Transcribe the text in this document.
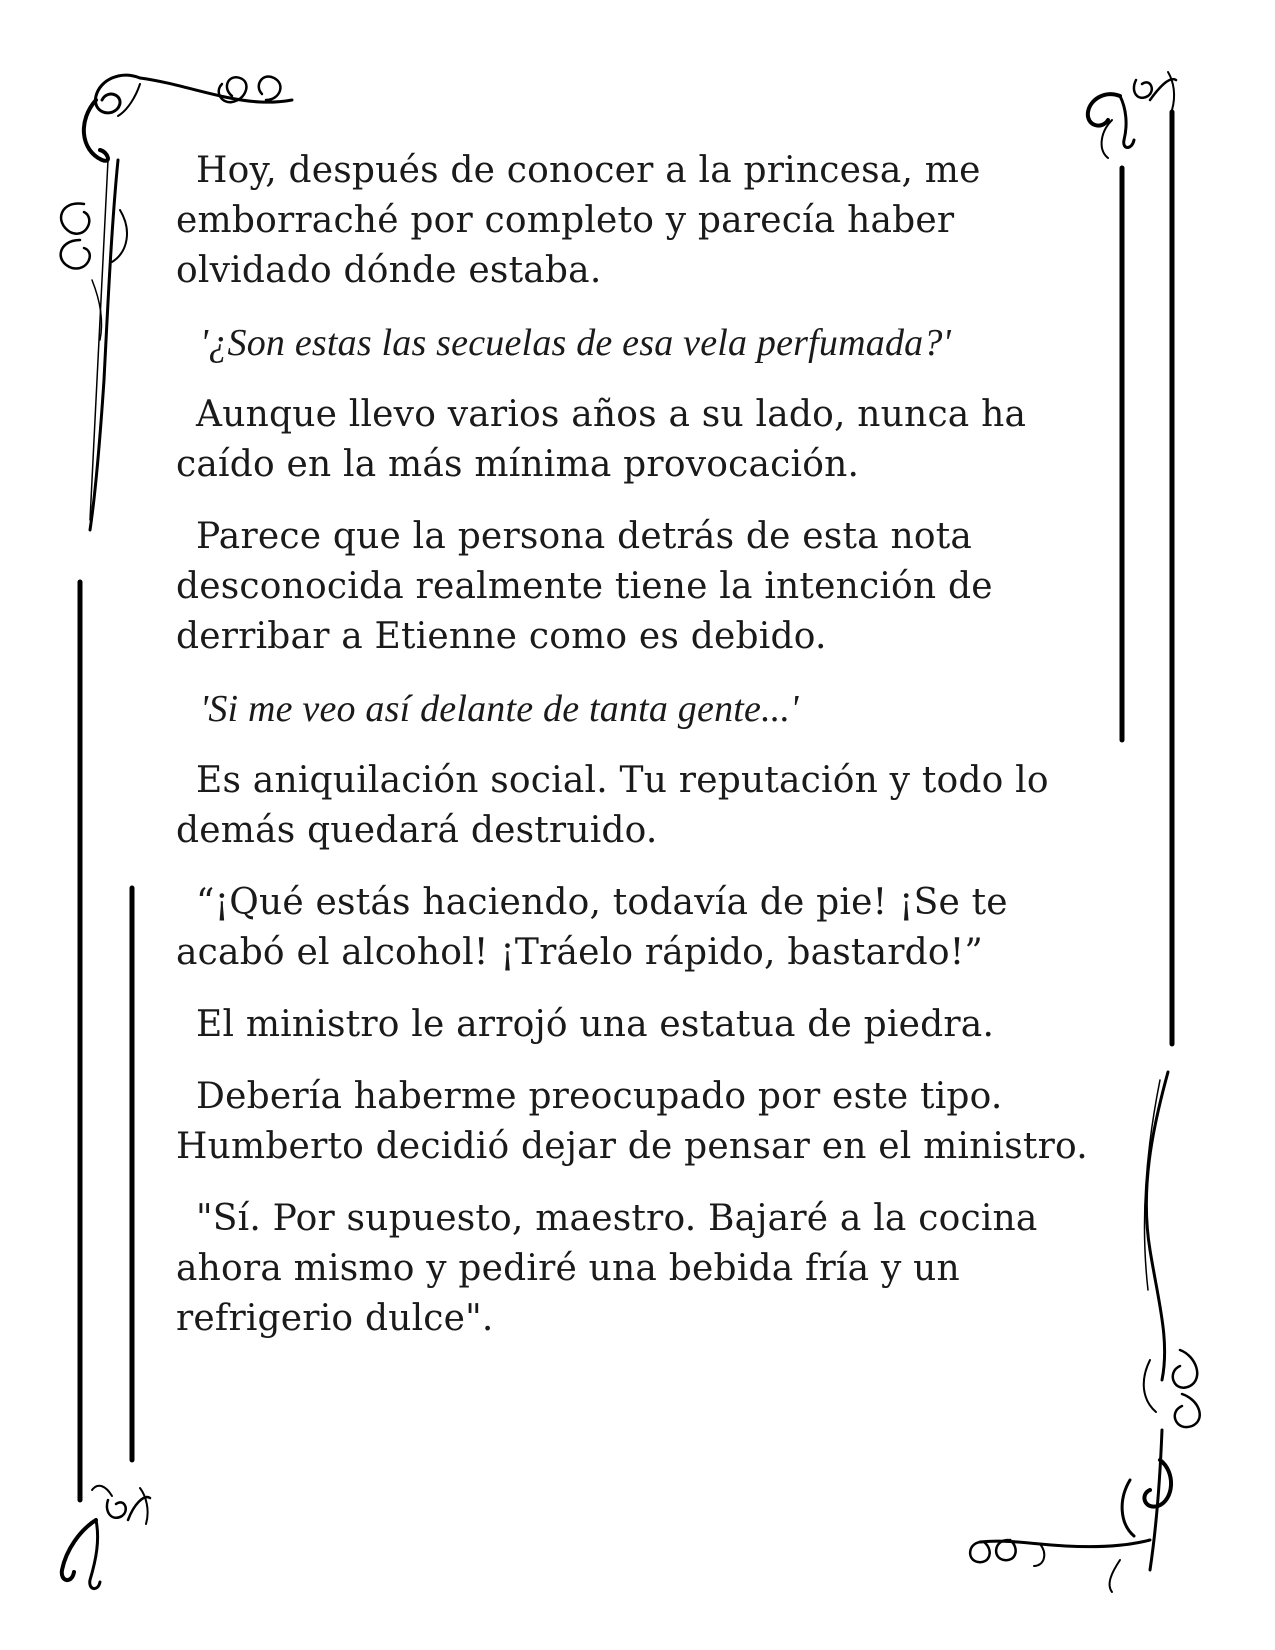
Hoy, después de conocer a la princesa, me emborraché por completo y parecía haber olvidado dónde estaba.

'¿Son estas las secuelas de esa vela perfumada?'

Aunque llevo varios años a su lado, nunca ha caído en la más mínima provocación.

Parece que la persona detrás de esta nota desconocida realmente tiene la intención de derribar a Etienne como es debido.

'Si me veo así delante de tanta gente...'

Es aniquilación social. Tu reputación y todo lo demás quedará destruido.

“¡Qué estás haciendo, todavía de pie! ¡Se te acabó el alcohol! ¡Tráelo rápido, bastardo!”

El ministro le arrojó una estatua de piedra.

Debería haberme preocupado por este tipo. Humberto decidió dejar de pensar en el ministro.

"Sí. Por supuesto, maestro. Bajaré a la cocina ahora mismo y pediré una bebida fría y un refrigerio dulce".
